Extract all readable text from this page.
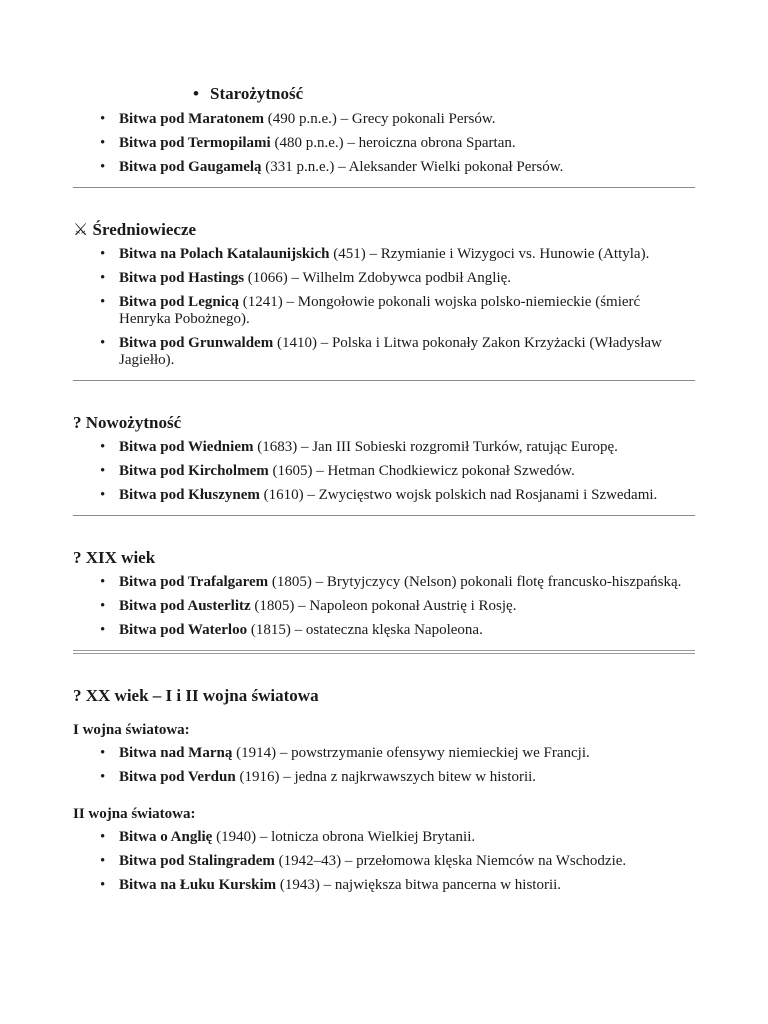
• Starożytność
• Bitwa pod Maratonem (490 p.n.e.) – Grecy pokonali Persów.
• Bitwa pod Termopilami (480 p.n.e.) – heroiczna obrona Spartan.
• Bitwa pod Gaugamelą (331 p.n.e.) – Aleksander Wielki pokonał Persów.
⚔ Średniowiecze
• Bitwa na Polach Katalaunijskich (451) – Rzymianie i Wizygoci vs. Hunowie (Attyla).
• Bitwa pod Hastings (1066) – Wilhelm Zdobywca podbił Anglię.
• Bitwa pod Legnicą (1241) – Mongołowie pokonali wojska polsko-niemieckie (śmierć Henryka Pobożnego).
• Bitwa pod Grunwaldem (1410) – Polska i Litwa pokonały Zakon Krzyżacki (Władysław Jagiełło).
? Nowożytność
• Bitwa pod Wiedniem (1683) – Jan III Sobieski rozgromił Turków, ratując Europę.
• Bitwa pod Kircholmem (1605) – Hetman Chodkiewicz pokonał Szwedów.
• Bitwa pod Kłuszynem (1610) – Zwycięstwo wojsk polskich nad Rosjanami i Szwedami.
? XIX wiek
• Bitwa pod Trafalgarem (1805) – Brytyjczycy (Nelson) pokonali flotę francusko-hiszpańską.
• Bitwa pod Austerlitz (1805) – Napoleon pokonał Austrię i Rosję.
• Bitwa pod Waterloo (1815) – ostateczna klęska Napoleona.
? XX wiek – I i II wojna światowa
I wojna światowa:
• Bitwa nad Marną (1914) – powstrzymanie ofensywy niemieckiej we Francji.
• Bitwa pod Verdun (1916) – jedna z najkrwawszych bitew w historii.
II wojna światowa:
• Bitwa o Anglię (1940) – lotnicza obrona Wielkiej Brytanii.
• Bitwa pod Stalingradem (1942–43) – przełomowa klęska Niemców na Wschodzie.
• Bitwa na Łuku Kurskim (1943) – największa bitwa pancerna w historii.
